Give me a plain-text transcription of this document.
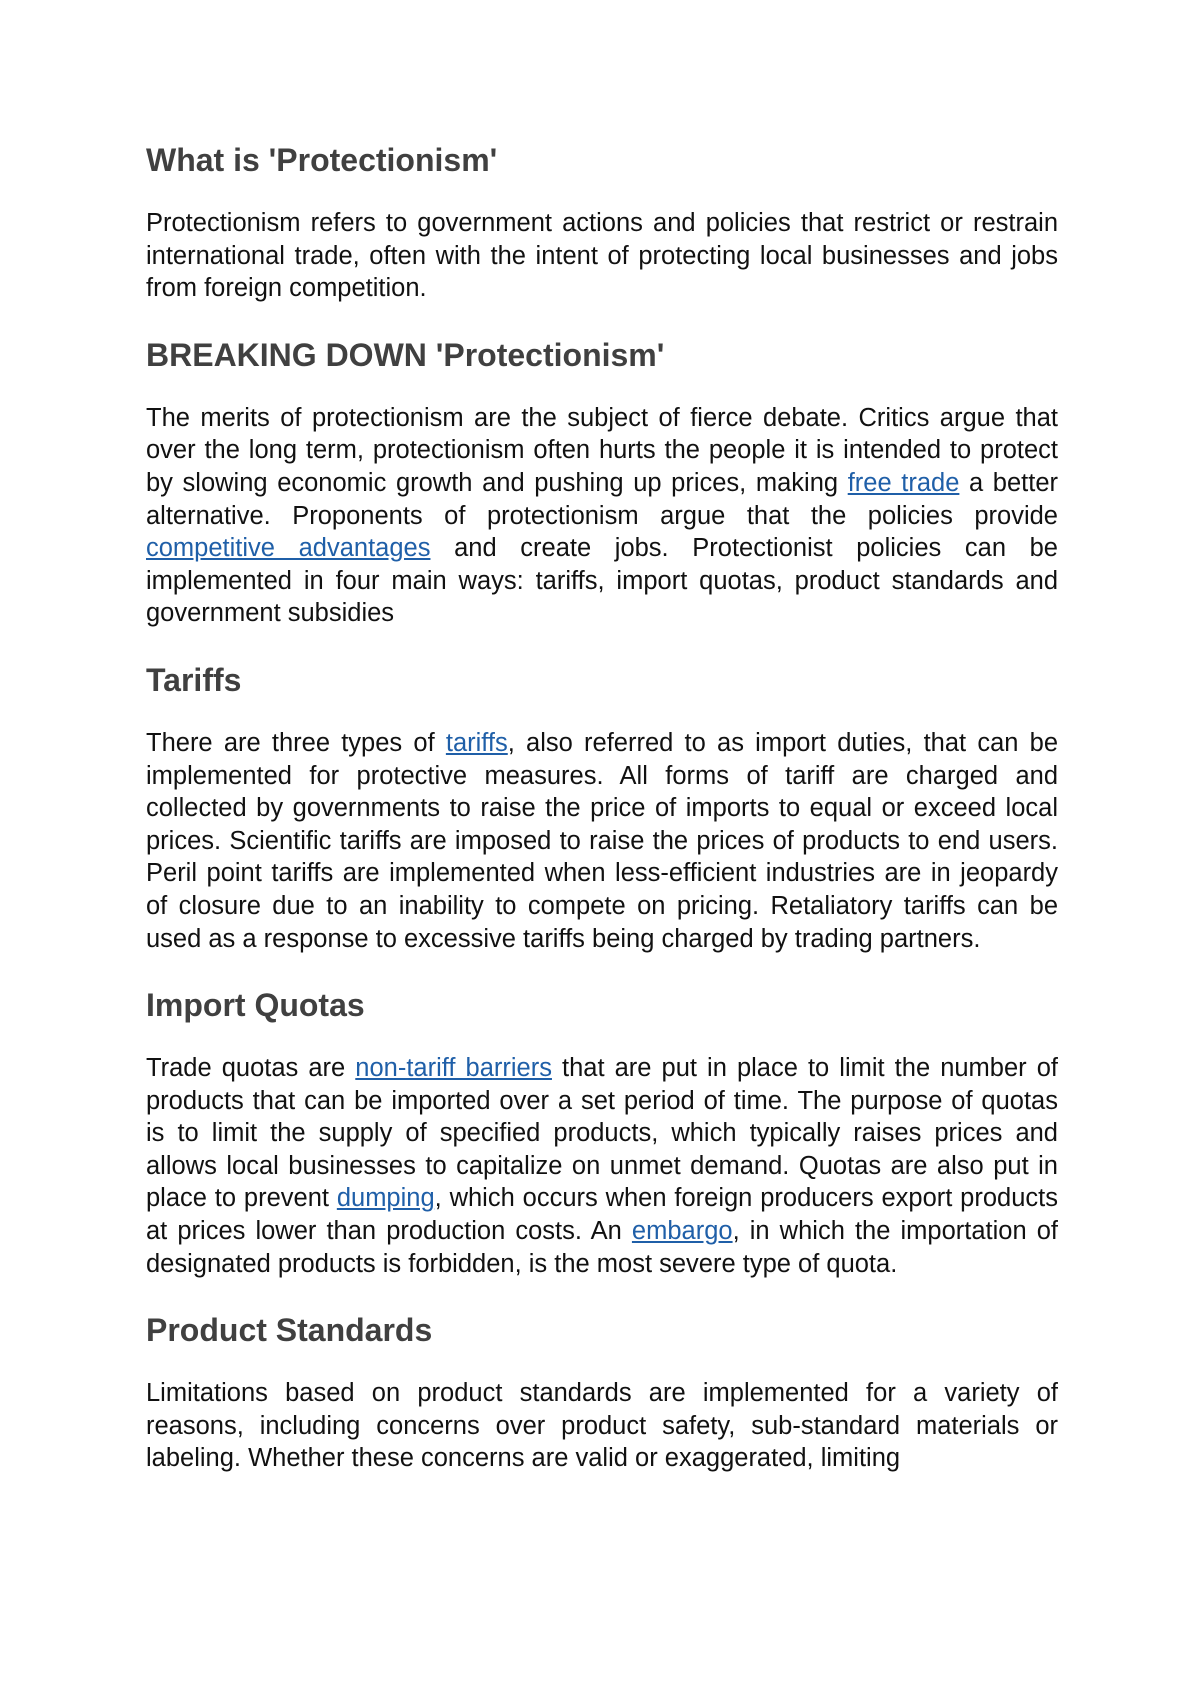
What is 'Protectionism'

Protectionism refers to government actions and policies that restrict or restrain international trade, often with the intent of protecting local businesses and jobs from foreign competition.

BREAKING DOWN 'Protectionism'

The merits of protectionism are the subject of fierce debate. Critics argue that over the long term, protectionism often hurts the people it is intended to protect by slowing economic growth and pushing up prices, making free trade a better alternative. Proponents of protectionism argue that the policies provide competitive advantages and create jobs. Protectionist policies can be implemented in four main ways: tariffs, import quotas, product standards and government subsidies

Tariffs

There are three types of tariffs, also referred to as import duties, that can be implemented for protective measures. All forms of tariff are charged and collected by governments to raise the price of imports to equal or exceed local prices. Scientific tariffs are imposed to raise the prices of products to end users. Peril point tariffs are implemented when less-efficient industries are in jeopardy of closure due to an inability to compete on pricing. Retaliatory tariffs can be used as a response to excessive tariffs being charged by trading partners.

Import Quotas

Trade quotas are non-tariff barriers that are put in place to limit the number of products that can be imported over a set period of time. The purpose of quotas is to limit the supply of specified products, which typically raises prices and allows local businesses to capitalize on unmet demand. Quotas are also put in place to prevent dumping, which occurs when foreign producers export products at prices lower than production costs. An embargo, in which the importation of designated products is forbidden, is the most severe type of quota.

Product Standards

Limitations based on product standards are implemented for a variety of reasons, including concerns over product safety, sub-standard materials or labeling. Whether these concerns are valid or exaggerated, limiting
